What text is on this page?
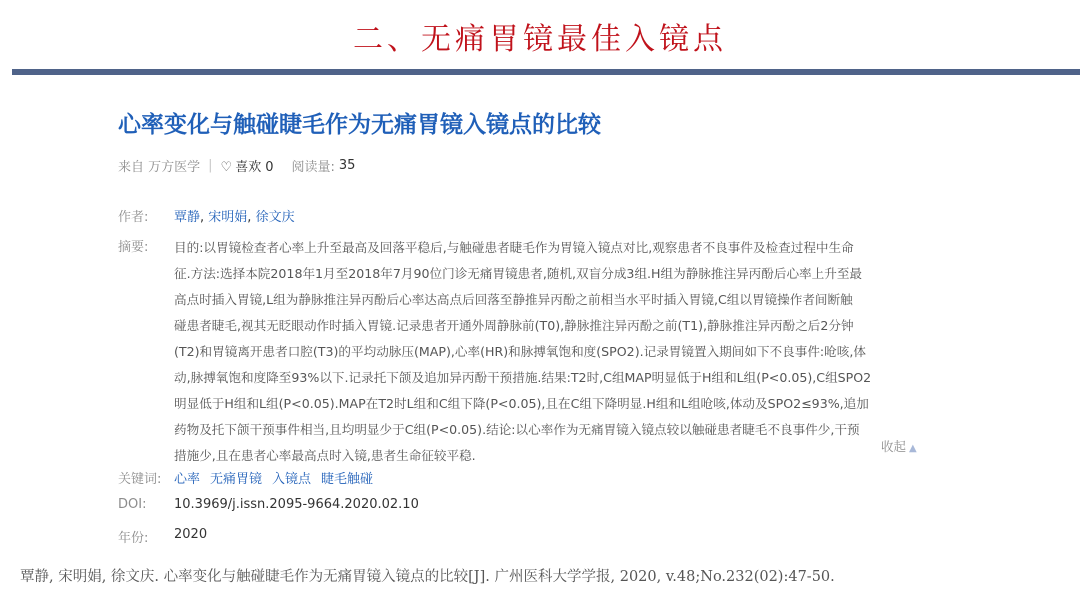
二、无痛胃镜最佳入镜点
心率变化与触碰睫毛作为无痛胃镜入镜点的比较
来自 万方医学 | ♡ 喜欢 0 阅读量: 35
作者:	覃静, 宋明娟, 徐文庆
摘要:	目的:以胃镜检查者心率上升至最高及回落平稳后,与触碰患者睫毛作为胃镜入镜点对比,观察患者不良事件及检查过程中生命
征.方法:选择本院2018年1月至2018年7月90位门诊无痛胃镜患者,随机,双盲分成3组.H组为静脉推注异丙酚后心率上升至最
高点时插入胃镜,L组为静脉推注异丙酚后心率达高点后回落至静推异丙酚之前相当水平时插入胃镜,C组以胃镜操作者间断触
碰患者睫毛,视其无眨眼动作时插入胃镜.记录患者开通外周静脉前(T0),静脉推注异丙酚之前(T1),静脉推注异丙酚之后2分钟
(T2)和胃镜离开患者口腔(T3)的平均动脉压(MAP),心率(HR)和脉搏氧饱和度(SPO2).记录胃镜置入期间如下不良事件:呛咳,体
动,脉搏氧饱和度降至93%以下.记录托下颌及追加异丙酚干预措施.结果:T2时,C组MAP明显低于H组和L组(P<0.05),C组SPO2
明显低于H组和L组(P<0.05).MAP在T2时L组和C组下降(P<0.05),且在C组下降明显.H组和L组呛咳,体动及SPO2≤93%,追加
药物及托下颌干预事件相当,且均明显少于C组(P<0.05).结论:以心率作为无痛胃镜入镜点较以触碰患者睫毛不良事件少,干预
措施少,且在患者心率最高点时入镜,患者生命征较平稳.
收起 ▲
关键词: 心率 无痛胃镜 入镜点 睫毛触碰
DOI:	10.3969/j.issn.2095-9664.2020.02.10
年份:	2020
覃静, 宋明娟, 徐文庆. 心率变化与触碰睫毛作为无痛胃镜入镜点的比较[J]. 广州医科大学学报, 2020, v.48;No.232(02):47-50.
